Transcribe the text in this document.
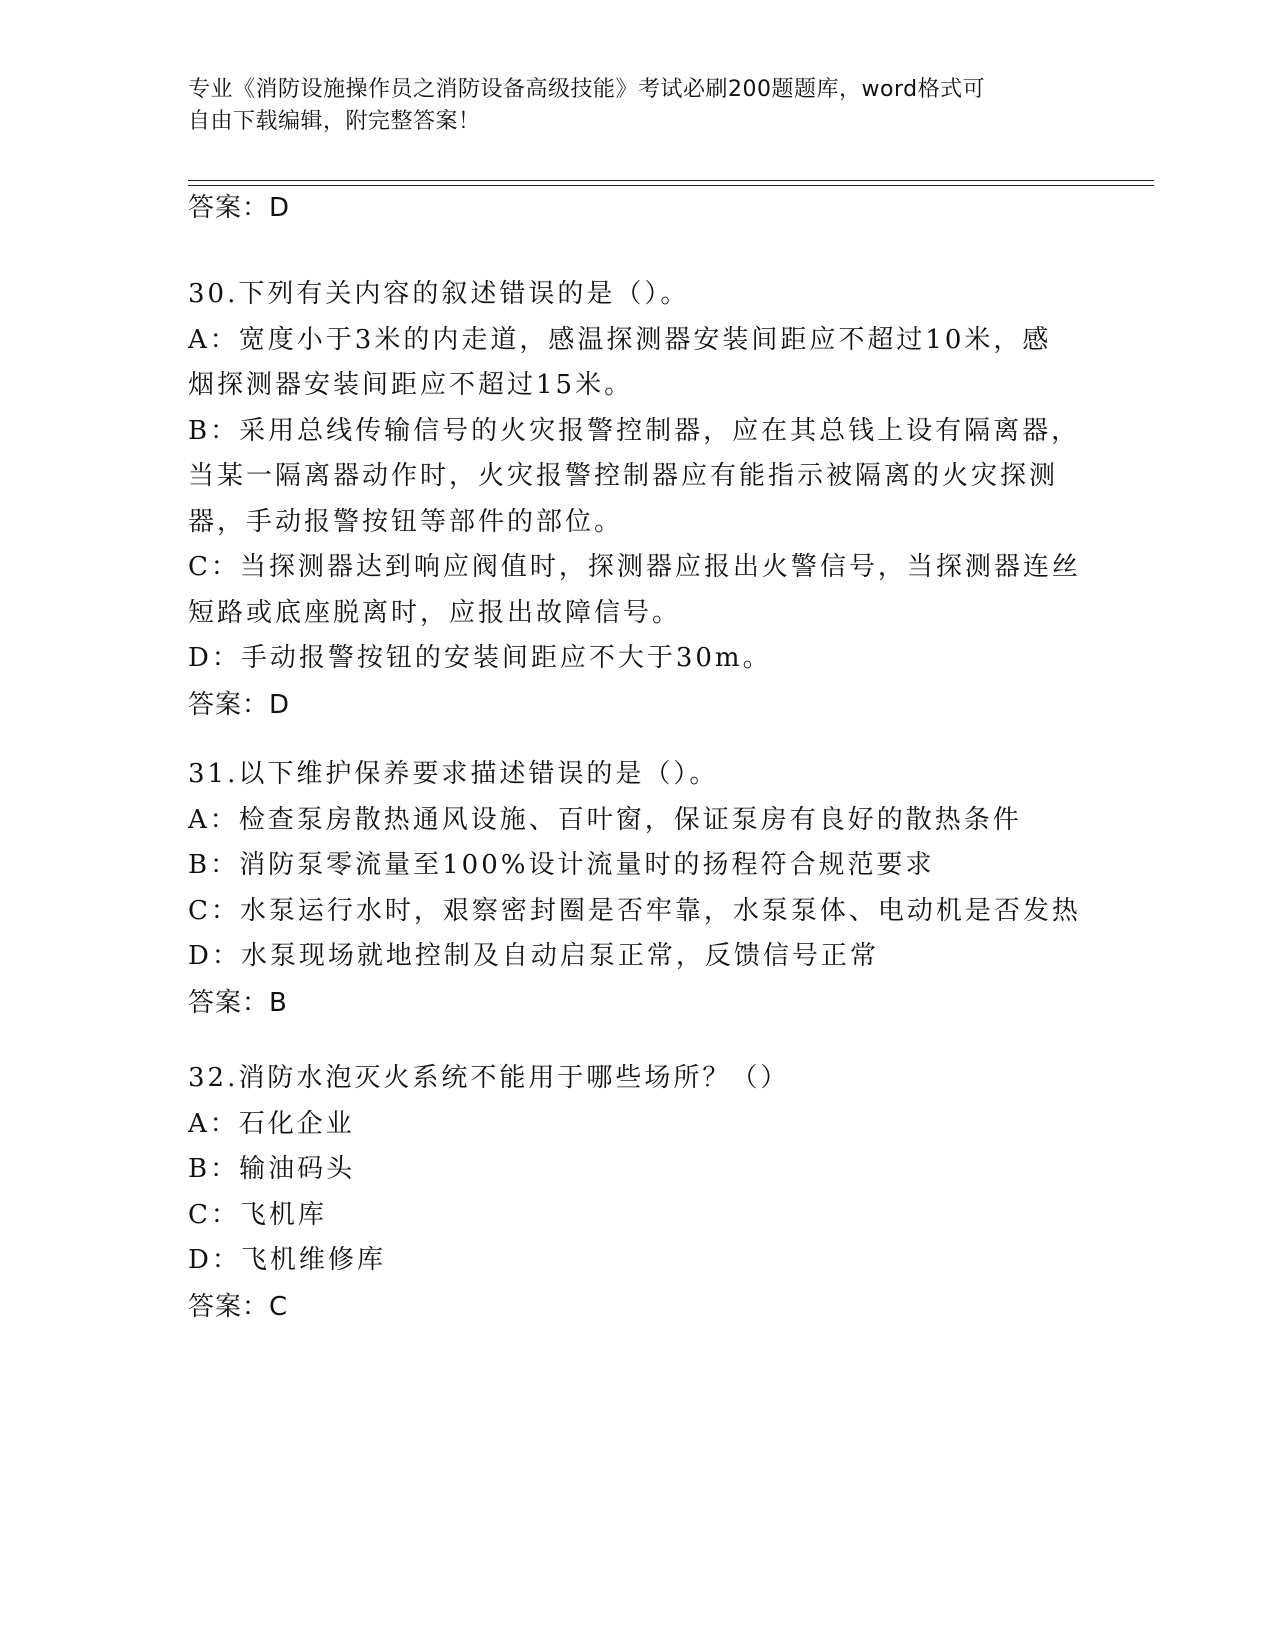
专业《消防设施操作员之消防设备高级技能》考试必刷200题题库，word格式可
自由下载编辑，附完整答案！
答案：D
30.下列有关内容的叙述错误的是（）。
A：宽度小于3米的内走道，感温探测器安装间距应不超过10米，感
烟探测器安装间距应不超过15米。
B：采用总线传输信号的火灾报警控制器，应在其总钱上设有隔离器，
当某一隔离器动作时，火灾报警控制器应有能指示被隔离的火灾探测
器，手动报警按钮等部件的部位。
C：当探测器达到响应阀值时，探测器应报出火警信号，当探测器连丝
短路或底座脱离时，应报出故障信号。
D：手动报警按钮的安装间距应不大于30m。
答案：D
31.以下维护保养要求描述错误的是（）。
A：检查泵房散热通风设施、百叶窗，保证泵房有良好的散热条件
B：消防泵零流量至100%设计流量时的扬程符合规范要求
C：水泵运行水时，艰察密封圈是否牢靠，水泵泵体、电动机是否发热
D：水泵现场就地控制及自动启泵正常，反馈信号正常
答案：B
32.消防水泡灭火系统不能用于哪些场所？（）
A：石化企业
B：输油码头
C：飞机库
D：飞机维修库
答案：C
